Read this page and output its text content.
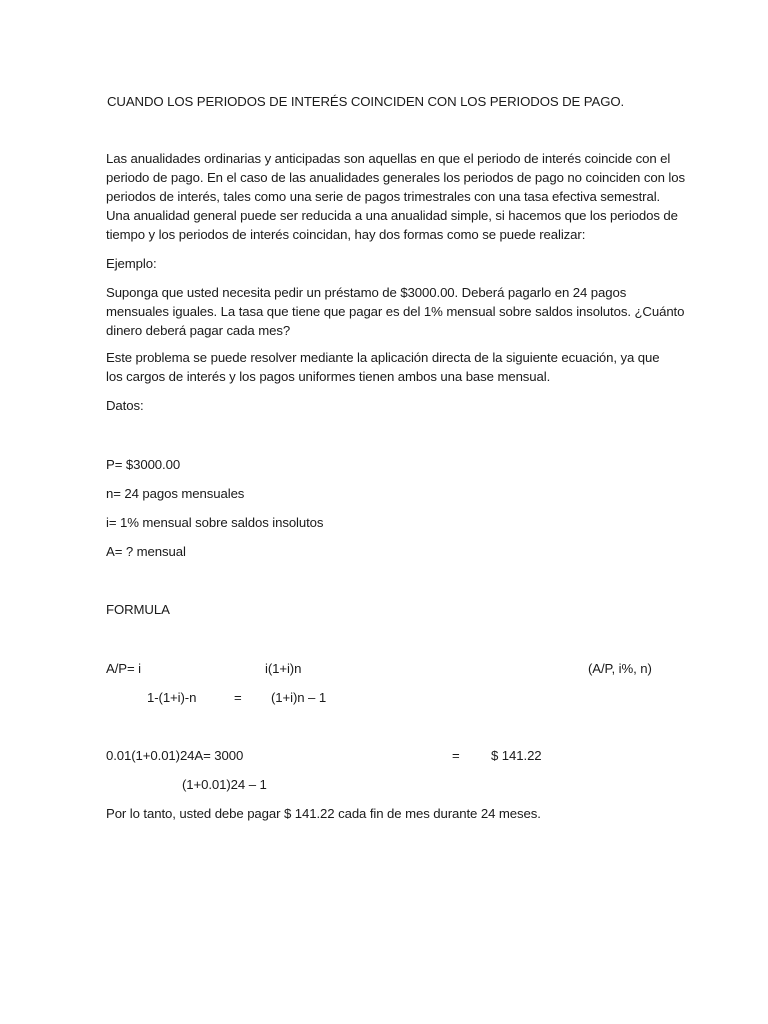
CUANDO LOS PERIODOS DE INTERÉS COINCIDEN CON LOS PERIODOS DE PAGO.
Las anualidades ordinarias y anticipadas son aquellas en que el periodo de interés coincide con el
periodo de pago. En el caso de las anualidades generales los periodos de pago no coinciden con los
periodos de interés, tales como una serie de pagos trimestrales con una tasa efectiva semestral.
Una anualidad general puede ser reducida a una anualidad simple, si hacemos que los periodos de
tiempo y los periodos de interés coincidan, hay dos formas como se puede realizar:
Ejemplo:
Suponga que usted necesita pedir un préstamo de $3000.00. Deberá pagarlo en 24 pagos
mensuales iguales. La tasa que tiene que pagar es del 1% mensual sobre saldos insolutos. ¿Cuánto
dinero deberá pagar cada mes?
Este problema se puede resolver mediante la aplicación directa de la siguiente ecuación, ya que
los cargos de interés y los pagos uniformes tienen ambos una base mensual.
Datos:
P= $3000.00
n= 24 pagos mensuales
i= 1% mensual sobre saldos insolutos
A= ? mensual
FORMULA
A/P= i	i(1+i)n	(A/P, i%, n)
1-(1+i)-n	= (1+i)n – 1
0.01(1+0.01)24A= 3000	= $ 141.22
(1+0.01)24 – 1
Por lo tanto, usted debe pagar $ 141.22 cada fin de mes durante 24 meses.
